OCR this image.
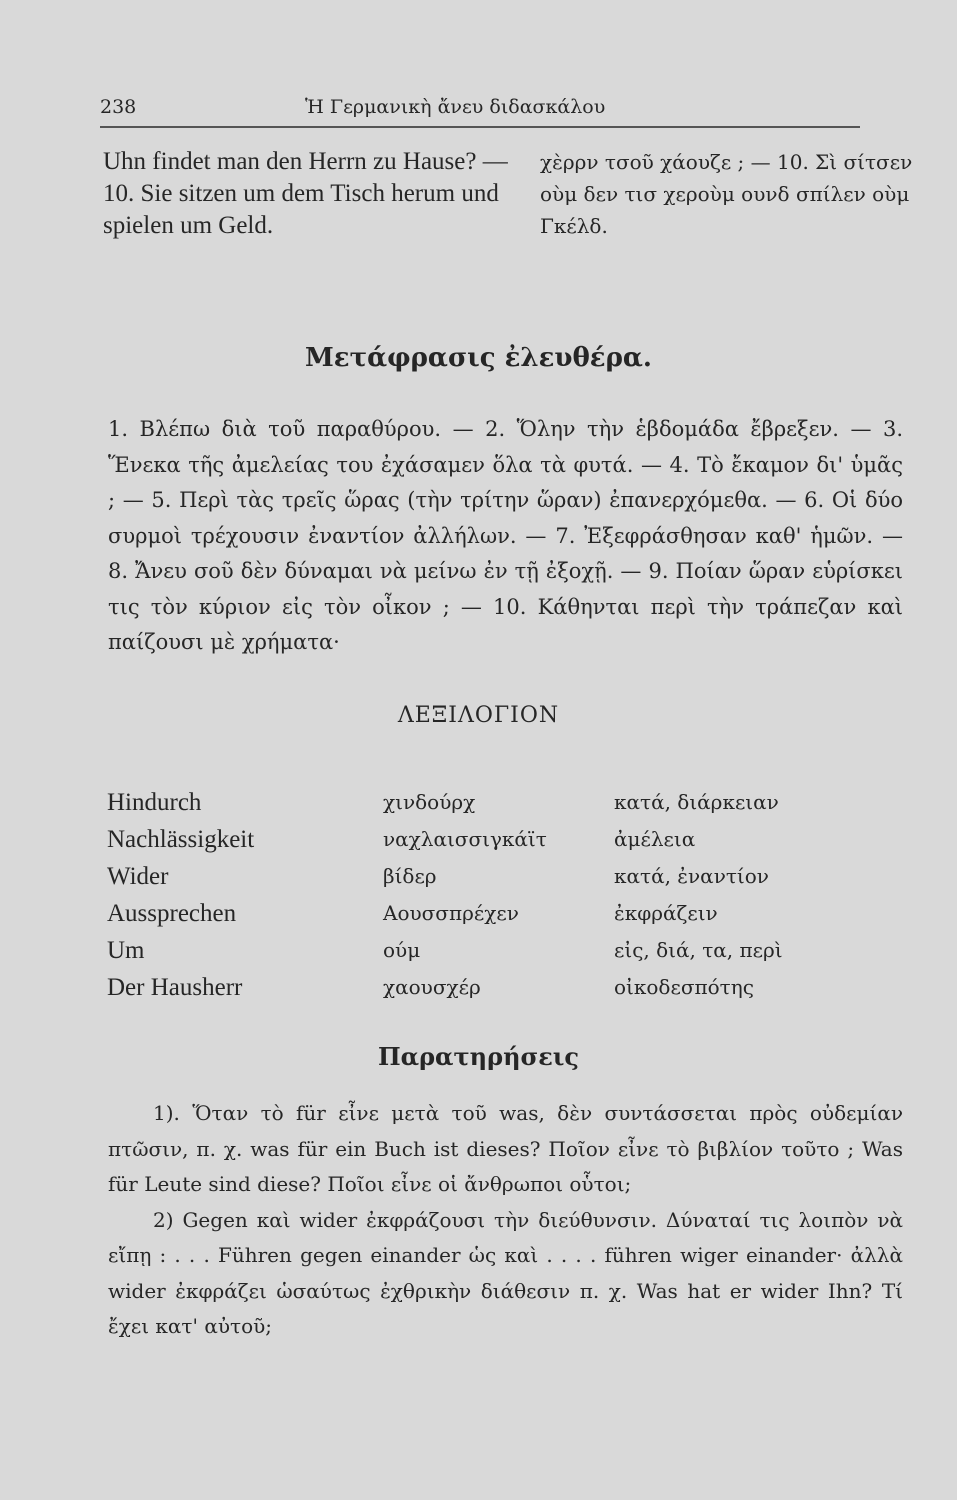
238	Ἡ Γερμανικὴ ἄνευ διδασκάλου
Uhn findet man den Herrn zu Hause? — 10. Sie sitzen um dem Tisch herum und spielen um Geld.
χὲρρν τσοῦ χάουζε ; — 10. Σὶ σίτσεν οὺμ δεν τισ χεροὺμ ουνδ σπίλεν οὺμ Γκέλδ.
Μετάφρασις ἐλευθέρα.
1. Βλέπω διὰ τοῦ παραθύρου. — 2. Ὅλην τὴν ἑβδομάδα ἔβρεξεν. — 3. Ἕνεκα τῆς ἀμελείας του ἐχάσαμεν ὅλα τὰ φυτά. — 4. Τὸ ἔκαμον δι' ὑμᾶς ; — 5. Περὶ τὰς τρεῖς ὥρας (τὴν τρίτην ὥραν) ἐπανερχόμεθα. — 6. Οἱ δύο συρμοὶ τρέχουσιν ἐναντίον ἀλλήλων. — 7. Ἐξεφράσθησαν καθ' ἡμῶν. — 8. Ἄνευ σοῦ δὲν δύναμαι νὰ μείνω ἐν τῇ ἐξοχῇ. — 9. Ποίαν ὥραν εὑρίσκει τις τὸν κύριον εἰς τὸν οἶκον ; — 10. Κάθηνται περὶ τὴν τράπεζαν καὶ παίζουσι μὲ χρήματα·
ΛΕΞΙΛΟΓΙΟΝ
Hindurch
Nachlässigkeit
Wider
Aussprechen
Um
Der Hausherr
χινδούρχ
ναχλαισσιγκάϊτ
βίδερ
Αουσσπρέχεν
ούμ
χαουσχέρ
κατά, διάρκειαν
ἀμέλεια
κατά, ἐναντίον
ἐκφράζειν
εἰς, διά, τα, περὶ
οἰκοδεσπότης
Παρατηρήσεις

1). Ὅταν τὸ für εἶνε μετὰ τοῦ was, δὲν συντάσσεται πρὸς οὐδεμίαν πτῶσιν, π. χ. was für ein Buch ist dieses? Ποῖον εἶνε τὸ βιβλίον τοῦτο ; Was für Leute sind diese? Ποῖοι εἶνε οἱ ἄνθρωποι οὗτοι;

2) Gegen καὶ wider ἐκφράζουσι τὴν διεύθυνσιν. Δύναταί τις λοιπὸν νὰ εἴπῃ : . . . Führen gegen einander ὡς καὶ . . . . führen wiger einander· ἀλλὰ wider ἐκφράζει ὡσαύτως ἐχθρικὴν διάθεσιν π. χ. Was hat er wider Ihn? Τί ἔχει κατ' αὐτοῦ;
